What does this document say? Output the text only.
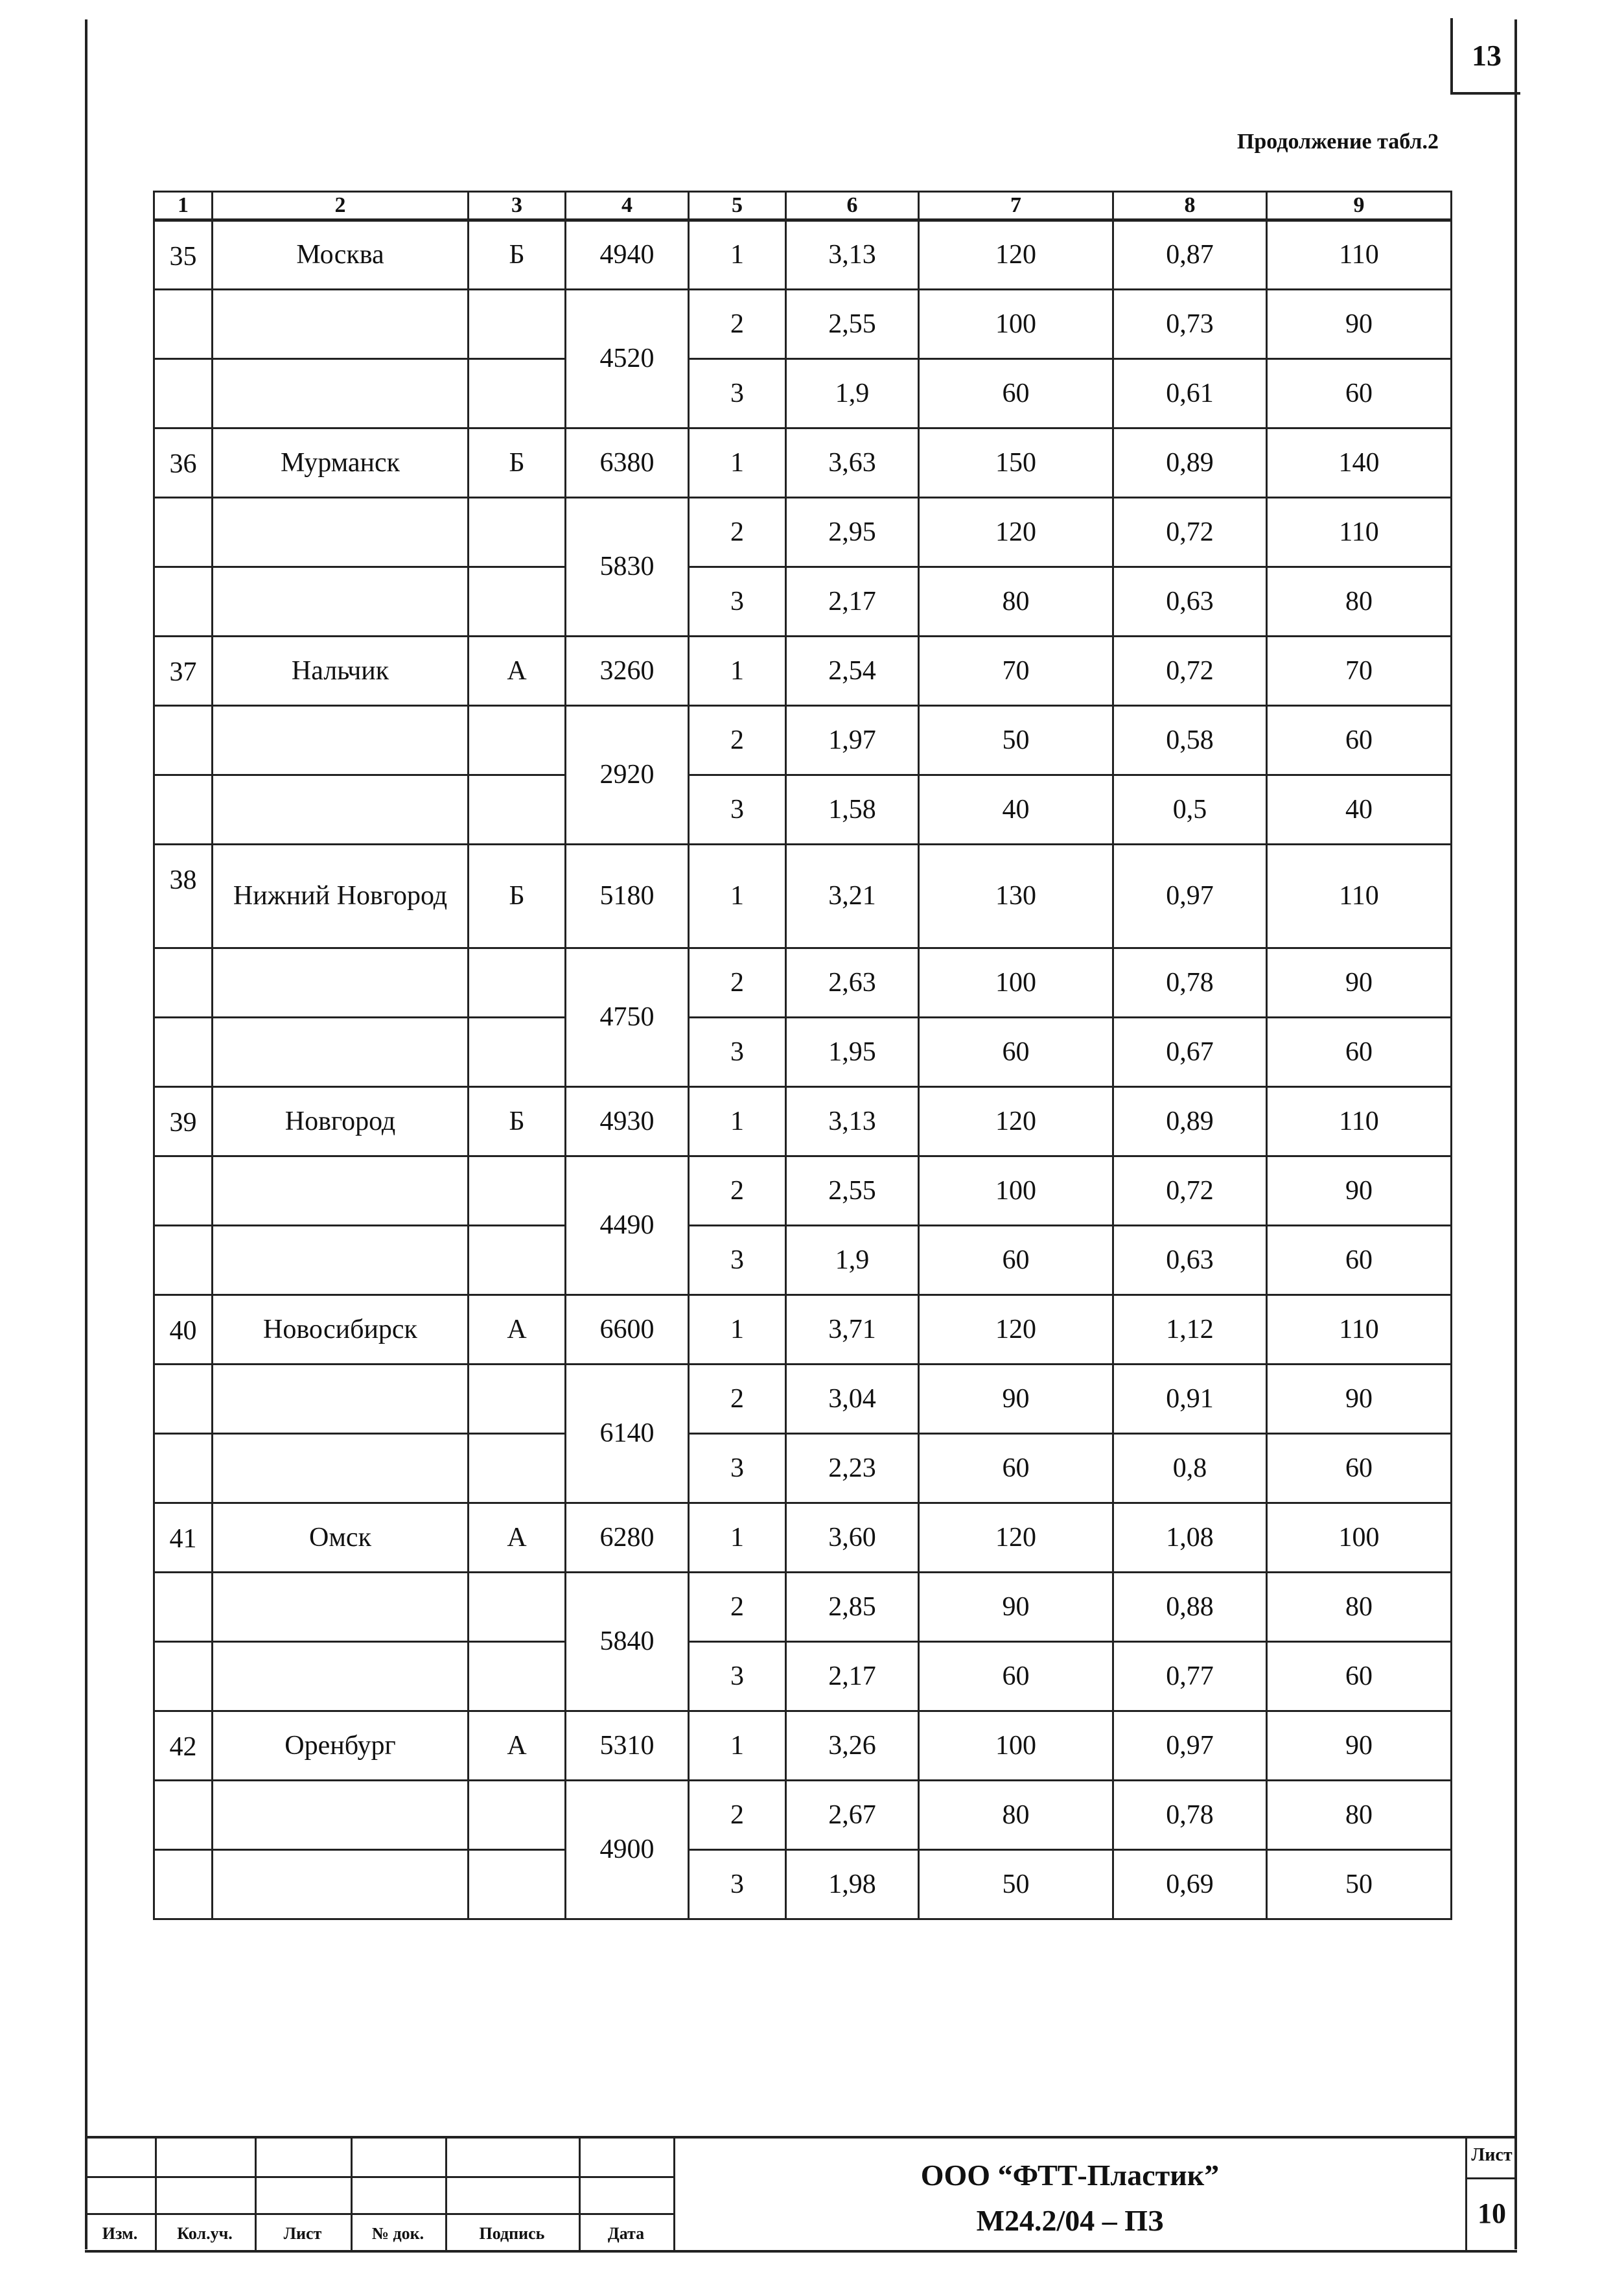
13
Продолжение табл.2
1	2	3	4	5	6	7	8	9
35	Москва	Б	4940	1	3,13	120	0,87	110
			4520	2	2,55	100	0,73	90
				3	1,9	60	0,61	60
36	Мурманск	Б	6380	1	3,63	150	0,89	140
			5830	2	2,95	120	0,72	110
				3	2,17	80	0,63	80
37	Нальчик	А	3260	1	2,54	70	0,72	70
			2920	2	1,97	50	0,58	60
				3	1,58	40	0,5	40
38	Нижний Новгород	Б	5180	1	3,21	130	0,97	110
			4750	2	2,63	100	0,78	90
				3	1,95	60	0,67	60
39	Новгород	Б	4930	1	3,13	120	0,89	110
			4490	2	2,55	100	0,72	90
				3	1,9	60	0,63	60
40	Новосибирск	А	6600	1	3,71	120	1,12	110
			6140	2	3,04	90	0,91	90
				3	2,23	60	0,8	60
41	Омск	А	6280	1	3,60	120	1,08	100
			5840	2	2,85	90	0,88	80
				3	2,17	60	0,77	60
42	Оренбург	А	5310	1	3,26	100	0,97	90
			4900	2	2,67	80	0,78	80
				3	1,98	50	0,69	50
Изм.	Кол.уч.	Лист	№ док.	Подпись	Дата
ООО “ФТТ-Пластик”
М24.2/04 – ПЗ
Лист
10
